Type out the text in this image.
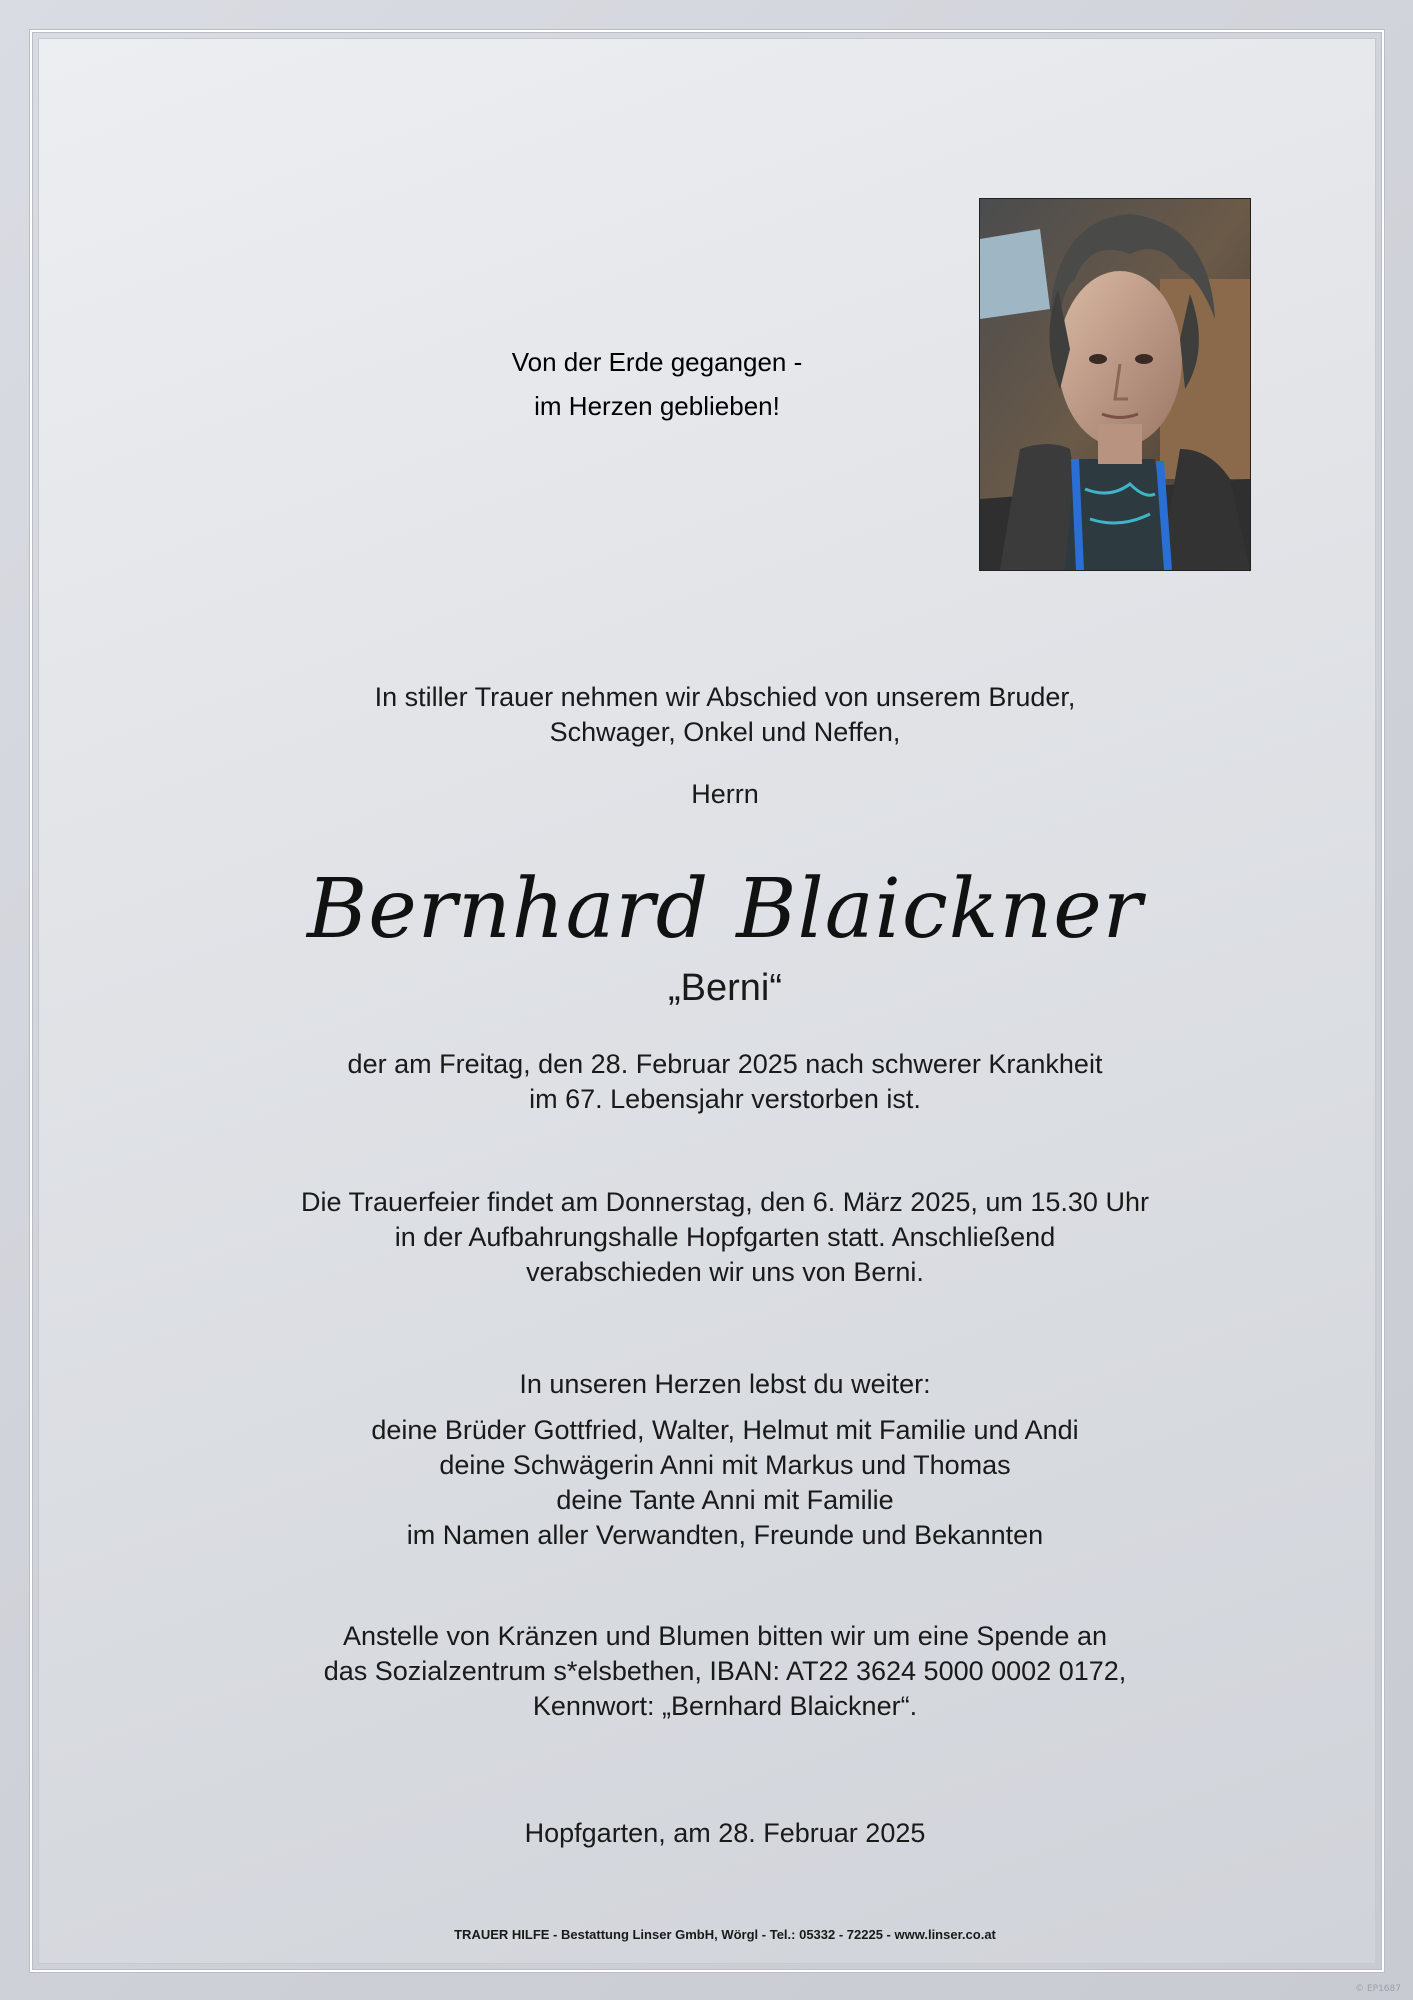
Von der Erde gegangen -
im Herzen geblieben!
In stiller Trauer nehmen wir Abschied von unserem Bruder,
Schwager, Onkel und Neffen,
Herrn
Bernhard Blaickner
„Berni“
der am Freitag, den 28. Februar 2025 nach schwerer Krankheit
im 67. Lebensjahr verstorben ist.
Die Trauerfeier findet am Donnerstag, den 6. März 2025, um 15.30 Uhr
in der Aufbahrungshalle Hopfgarten statt. Anschließend
verabschieden wir uns von Berni.
In unseren Herzen lebst du weiter:
deine Brüder Gottfried, Walter, Helmut mit Familie und Andi
deine Schwägerin Anni mit Markus und Thomas
deine Tante Anni mit Familie
im Namen aller Verwandten, Freunde und Bekannten
Anstelle von Kränzen und Blumen bitten wir um eine Spende an
das Sozialzentrum s*elsbethen, IBAN: AT22 3624 5000 0002 0172,
Kennwort: „Bernhard Blaickner“.
Hopfgarten, am 28. Februar 2025
TRAUER HILFE - Bestattung Linser GmbH, Wörgl - Tel.: 05332 - 72225 - www.linser.co.at
© EP1687
